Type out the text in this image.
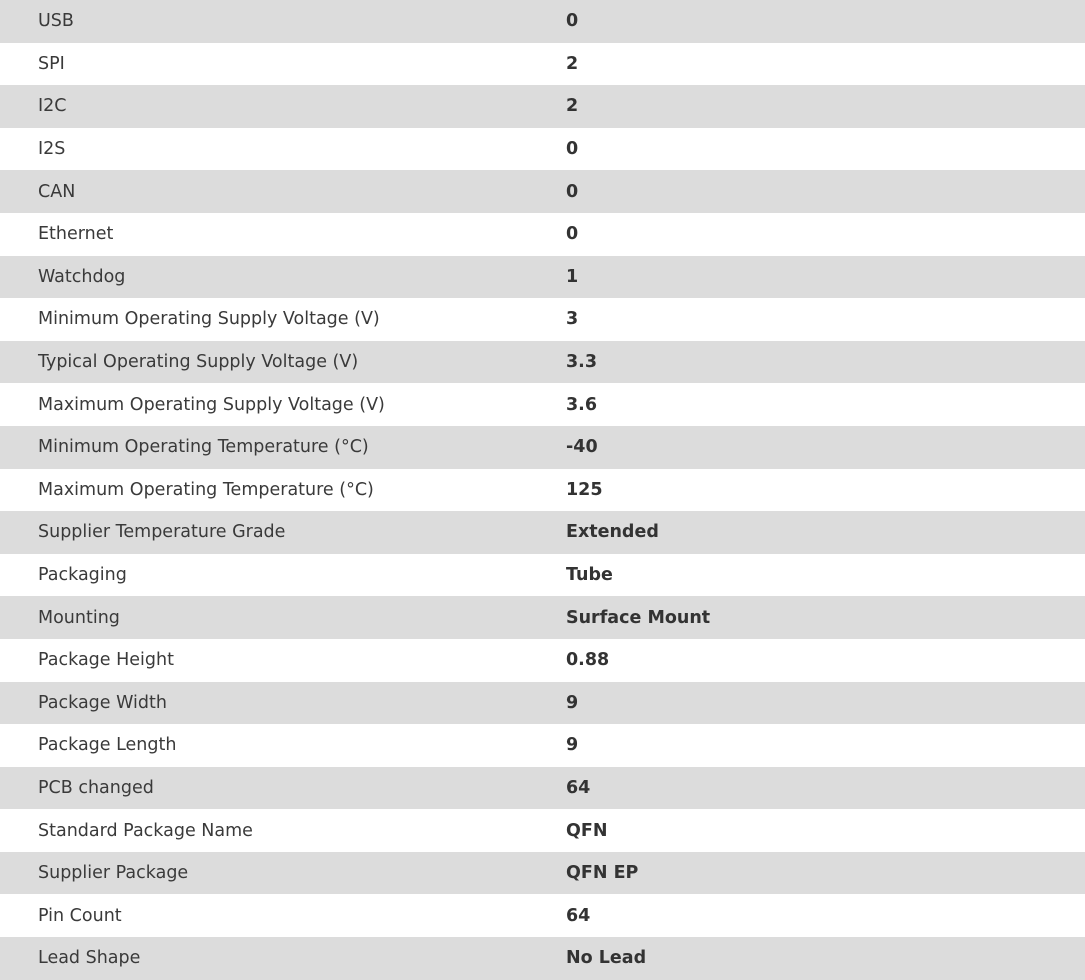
USB	0
SPI	2
I2C	2
I2S	0
CAN	0
Ethernet	0
Watchdog	1
Minimum Operating Supply Voltage (V)	3
Typical Operating Supply Voltage (V)	3.3
Maximum Operating Supply Voltage (V)	3.6
Minimum Operating Temperature (°C)	-40
Maximum Operating Temperature (°C)	125
Supplier Temperature Grade	Extended
Packaging	Tube
Mounting	Surface Mount
Package Height	0.88
Package Width	9
Package Length	9
PCB changed	64
Standard Package Name	QFN
Supplier Package	QFN EP
Pin Count	64
Lead Shape	No Lead
